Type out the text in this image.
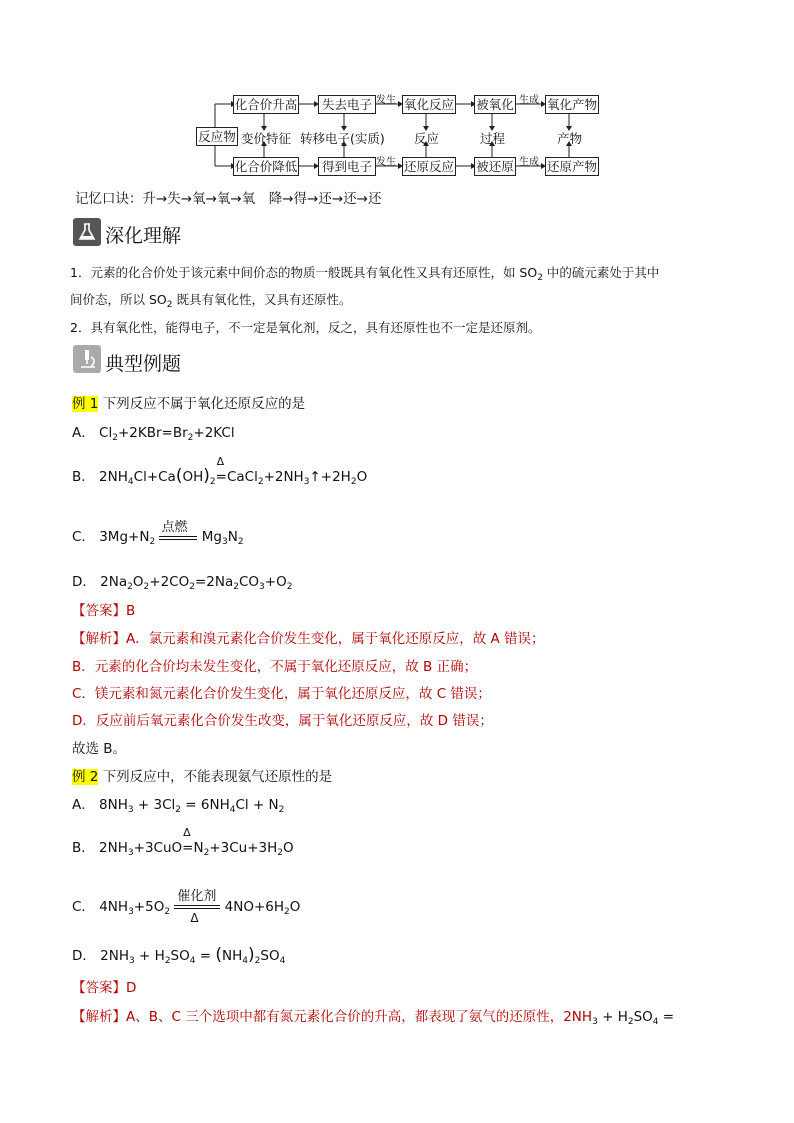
化合价升高	失去电子	氧化反应 被氧化	氧化产物
反应物
化合价降低	得到电子	还原反应 被还原	还原产物
变价特征 转移电子(实质) 反应	过程	产物
发生	生成
发生	生成
记忆口诀：升→失→氧→氧→氧　降→得→还→还→还
深化理解
1．元素的化合价处于该元素中间价态的物质一般既具有氧化性又具有还原性，如 $SO_2$ 中的硫元素处于其中
间价态，所以 $SO_2$ 既具有氧化性，又具有还原性。
2．具有氧化性，能得电子，不一定是氧化剂，反之，具有还原性也不一定是还原剂。
典型例题
例 1 下列反应不属于氧化还原反应的是
A． $Cl_2+2KBr=Br_2+2KCl$
B． $2NH_4Cl+Ca(OH)_2$
Δ
$=CaCl_2+2NH_3↑+2H_2O$
C． $3Mg+N_2$
点燃
$Mg_3N_2$
D． $2Na_2O_2+2CO_2=2Na_2CO_3+O_2$
【答案】B
【解析】A．氯元素和溴元素化合价发生变化，属于氧化还原反应，故 A 错误；
B．元素的化合价均未发生变化，不属于氧化还原反应，故 B 正确；
C．镁元素和氮元素化合价发生变化，属于氧化还原反应，故 C 错误；
D．反应前后氧元素化合价发生改变，属于氧化还原反应，故 D 错误；
故选 B。
例 2 下列反应中，不能表现氨气还原性的是
A． $8NH_3 + 3Cl_2 = 6NH_4Cl + N_2$
B． $2NH_3+3CuO$
Δ
$=N_2+3Cu+3H_2O$
C． $4NH_3+5O_2$
催化剂
Δ
$4NO+6H_2O$
D． $2NH_3 + H_2SO_4 = (NH_4)_2SO_4$
【答案】D
【解析】A、B、C 三个选项中都有氮元素化合价的升高，都表现了氨气的还原性，$2NH_3 + H_2SO_4$ =
